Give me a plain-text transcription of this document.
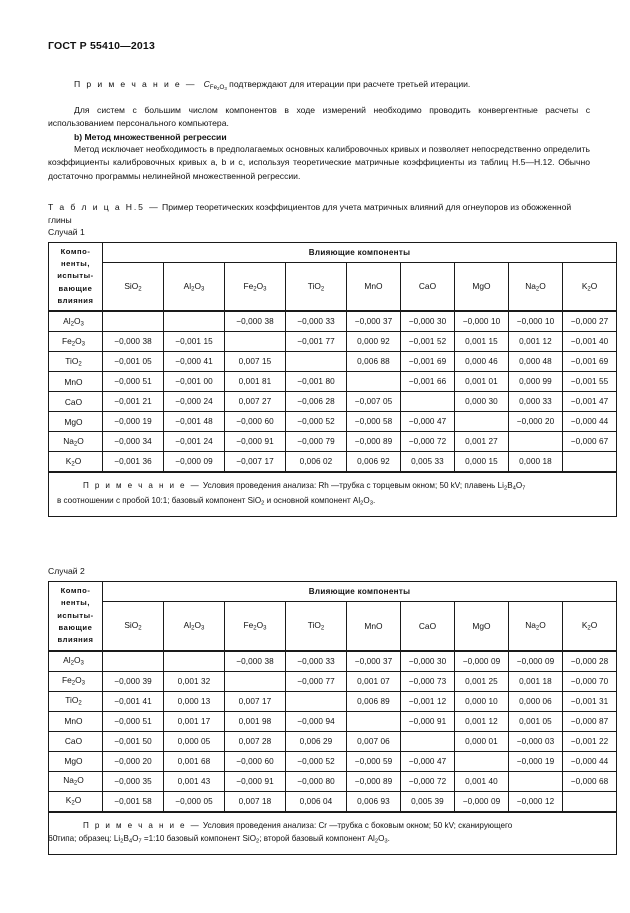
ГОСТ Р 55410—2013
П р и м е ч а н и е — $C_{Fe_2O_3}$ подтверждают для итерации при расчете третьей итерации.
Для систем с большим числом компонентов в ходе измерений необходимо проводить конвергентные расчеты с использованием персонального компьютера.
b) Метод множественной регрессии
Метод исключает необходимость в предполагаемых основных калибровочных кривых и позволяет непосредственно определить коэффициенты калибровочных кривых a, b и c, используя теоретические матричные коэффициенты из таблиц Н.5—Н.12. Обычно достаточно программы нелинейной множественной регрессии.
Т а б л и ц а Н.5 — Пример теоретических коэффициентов для учета матричных влияний для огнеупоров из обожженной глины
Случай 1
Компо-
ненты,
испыты-
вающие
влияния	Влияющие компоненты								
	SiO$_2$	$Al_2O_3$	$Fe_2O_3$	TiO$_2$	MnO	CaO	MgO	$Na_2O$	$K_2O$
$Al_2O_3$			−0,000 38	−0,000 33	−0,000 37	−0,000 30	−0,000 10	−0,000 10	−0,000 27
$Fe_2O_3$	−0,000 38	−0,001 15		−0,001 77	0,000 92	−0,001 52	0,001 15	0,001 12	−0,001 40
TiO$_2$	−0,001 05	−0,000 41	0,007 15		0,006 88	−0,001 69	0,000 46	0,000 48	−0,001 69
MnO	−0,000 51	−0,001 00	0,001 81	−0,001 80		−0,001 66	0,001 01	0,000 99	−0,001 55
CaO	−0,001 21	−0,000 24	0,007 27	−0,006 28	−0,007 05		0,000 30	0,000 33	−0,001 47
MgO	−0,000 19	−0,001 48	−0,000 60	−0,000 52	−0,000 58	−0,000 47		−0,000 20	−0,000 44
$Na_2O$	−0,000 34	−0,001 24	−0,000 91	−0,000 79	−0,000 89	−0,000 72	0,001 27		−0,000 67
$K_2O$	−0,001 36	−0,000 09	−0,007 17	0,006 02	0,006 92	0,005 33	0,000 15	0,000 18	
П р и м е ч а н и е — Условия проведения анализа: Rh —трубка с торцевым окном; 50 kV; плавень $Li_2B_4O_7$
в соотношении с пробой 10:1; базовый компонент SiO$_2$ и основной компонент $Al_2O_3$.									
Случай 2
Компо-
ненты,
испыты-
вающие
влияния	Влияющие компоненты								
	SiO$_2$	$Al_2O_3$	$Fe_2O_3$	TiO$_2$	MnO	CaO	MgO	$Na_2O$	$K_2O$
$Al_2O_3$			−0,000 38	−0,000 33	−0,000 37	−0,000 30	−0,000 09	−0,000 09	−0,000 28
$Fe_2O_3$	−0,000 39	0,001 32		−0,000 77	0,001 07	−0,000 73	0,001 25	0,001 18	−0,000 70
TiO$_2$	−0,001 41	0,000 13	0,007 17		0,006 89	−0,001 12	0,000 10	0,000 06	−0,001 31
MnO	−0,000 51	0,001 17	0,001 98	−0,000 94		−0,000 91	0,001 12	0,001 05	−0,000 87
CaO	−0,001 50	0,000 05	0,007 28	0,006 29	0,007 06		0,000 01	−0,000 03	−0,001 22
MgO	−0,000 20	0,001 68	−0,000 60	−0,000 52	−0,000 59	−0,000 47		−0,000 19	−0,000 44
$Na_2O$	−0,000 35	0,001 43	−0,000 91	−0,000 80	−0,000 89	−0,000 72	0,001 40		−0,000 68
$K_2O$	−0,001 58	−0,000 05	0,007 18	0,006 04	0,006 93	0,005 39	−0,000 09	−0,000 12	
П р и м е ч а н и е — Условия проведения анализа: Cr —трубка с боковым окном; 50 kV; сканирующего
типа; образец: $Li_2B_4O_7$ =1:10 базовый компонент SiO$_2$; второй базовый компонент $Al_2O_3$.									
60
